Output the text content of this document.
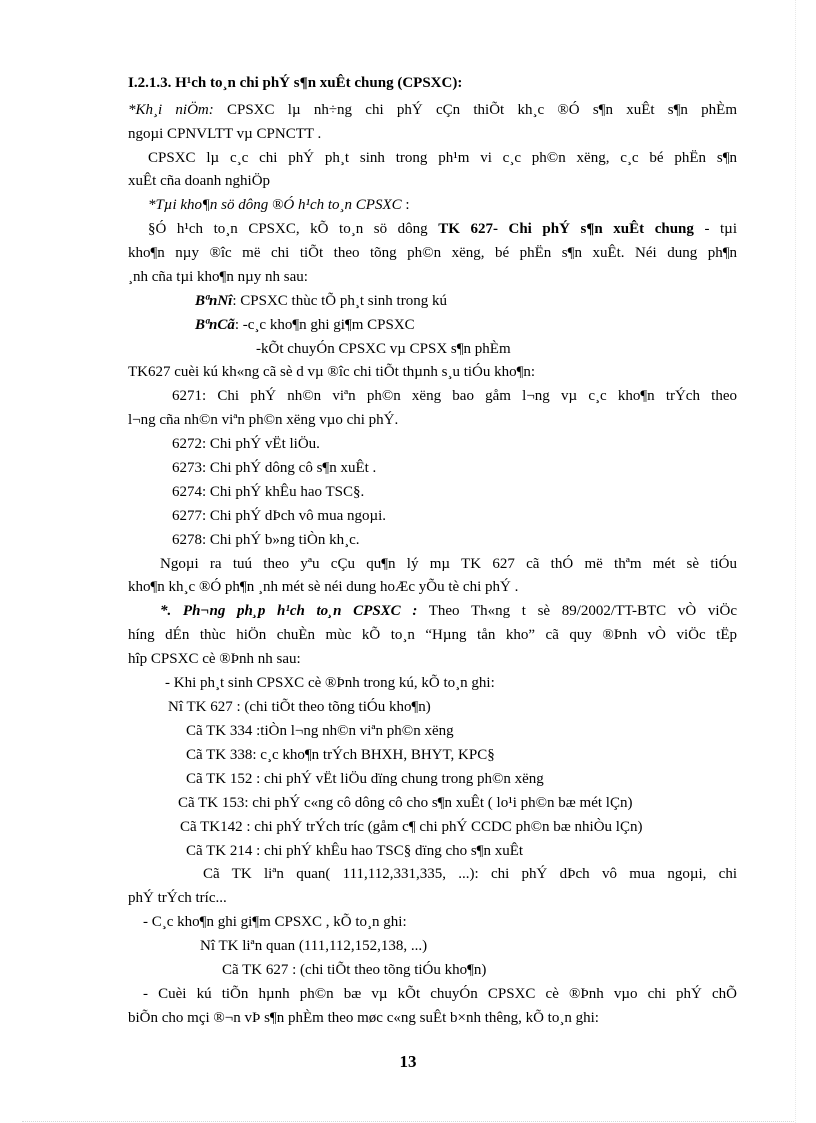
I.2.1.3. H¹ch to¸n chi phÝ s¶n xuÊt chung (CPSXC):
*Kh¸i niÖm: CPSXC lµ nh÷ng chi phÝ cÇn thiÕt kh¸c ®Ó s¶n xuÊt s¶n phÈm
ngoµi CPNVLTT vµ CPNCTT .
CPSXC lµ c¸c chi phÝ ph¸t sinh trong ph¹m vi c¸c ph©n xëng, c¸c bé phËn s¶n
xuÊt cña doanh nghiÖp
*Tµi kho¶n sö dông ®Ó h¹ch to¸n CPSXC :
§Ó h¹ch to¸n CPSXC, kÕ to¸n sö dông TK 627- Chi phÝ s¶n xuÊt chung - tµi
kho¶n nµy ®îc më chi tiÕt theo tõng ph©n xëng, bé phËn s¶n xuÊt. Néi dung ph¶n
¸nh cña tµi kho¶n nµy nh sau:
BªnNî: CPSXC thùc tÕ ph¸t sinh trong kú
BªnCã: -c¸c kho¶n ghi gi¶m CPSXC
-kÕt chuyÓn CPSXC vµ CPSX s¶n phÈm
TK627 cuèi kú kh«ng cã sè d vµ ®îc chi tiÕt thµnh s¸u tiÓu kho¶n:
6271: Chi phÝ nh©n viªn ph©n xëng bao gåm l¬ng vµ c¸c kho¶n trÝch theo
l¬ng cña nh©n viªn ph©n xëng vµo chi phÝ.
6272: Chi phÝ vËt liÖu.
6273: Chi phÝ dông cô s¶n xuÊt .
6274: Chi phÝ khÊu hao TSC§.
6277: Chi phÝ dÞch vô mua ngoµi.
6278: Chi phÝ b»ng tiÒn kh¸c.
Ngoµi ra tuú theo yªu cÇu qu¶n lý mµ TK 627 cã thÓ më thªm mét sè tiÓu
kho¶n kh¸c ®Ó ph¶n ¸nh mét sè néi dung hoÆc yÕu tè chi phÝ .
*. Ph¬ng ph¸p h¹ch to¸n CPSXC : Theo Th«ng t sè 89/2002/TT-BTC vÒ viÖc
híng dÉn thùc hiÖn chuÈn mùc kÕ to¸n “Hµng tån kho” cã quy ®Þnh vÒ viÖc tËp
hîp CPSXC cè ®Þnh nh sau:
- Khi ph¸t sinh CPSXC cè ®Þnh trong kú, kÕ to¸n ghi:
Nî TK 627 : (chi tiÕt theo tõng tiÓu kho¶n)
Cã TK 334 :tiÒn l¬ng nh©n viªn ph©n xëng
Cã TK 338: c¸c kho¶n trÝch BHXH, BHYT, KPC§
Cã TK 152 : chi phÝ vËt liÖu dïng chung trong ph©n xëng
Cã TK 153: chi phÝ c«ng cô dông cô cho s¶n xuÊt ( lo¹i ph©n bæ mét lÇn)
Cã TK142 : chi phÝ trÝch tríc (gåm c¶ chi phÝ CCDC ph©n bæ nhiÒu lÇn)
Cã TK 214 : chi phÝ khÊu hao TSC§ dïng cho s¶n xuÊt
Cã TK liªn quan( 111,112,331,335, ...): chi phÝ dÞch vô mua ngoµi, chi
phÝ trÝch tríc...
- C¸c kho¶n ghi gi¶m CPSXC , kÕ to¸n ghi:
Nî TK liªn quan (111,112,152,138, ...)
Cã TK 627 : (chi tiÕt theo tõng tiÓu kho¶n)
- Cuèi kú tiÕn hµnh ph©n bæ vµ kÕt chuyÓn CPSXC cè ®Þnh vµo chi phÝ chÕ
biÕn cho mçi ®¬n vÞ s¶n phÈm theo møc c«ng suÊt b×nh thêng, kÕ to¸n ghi:
13
